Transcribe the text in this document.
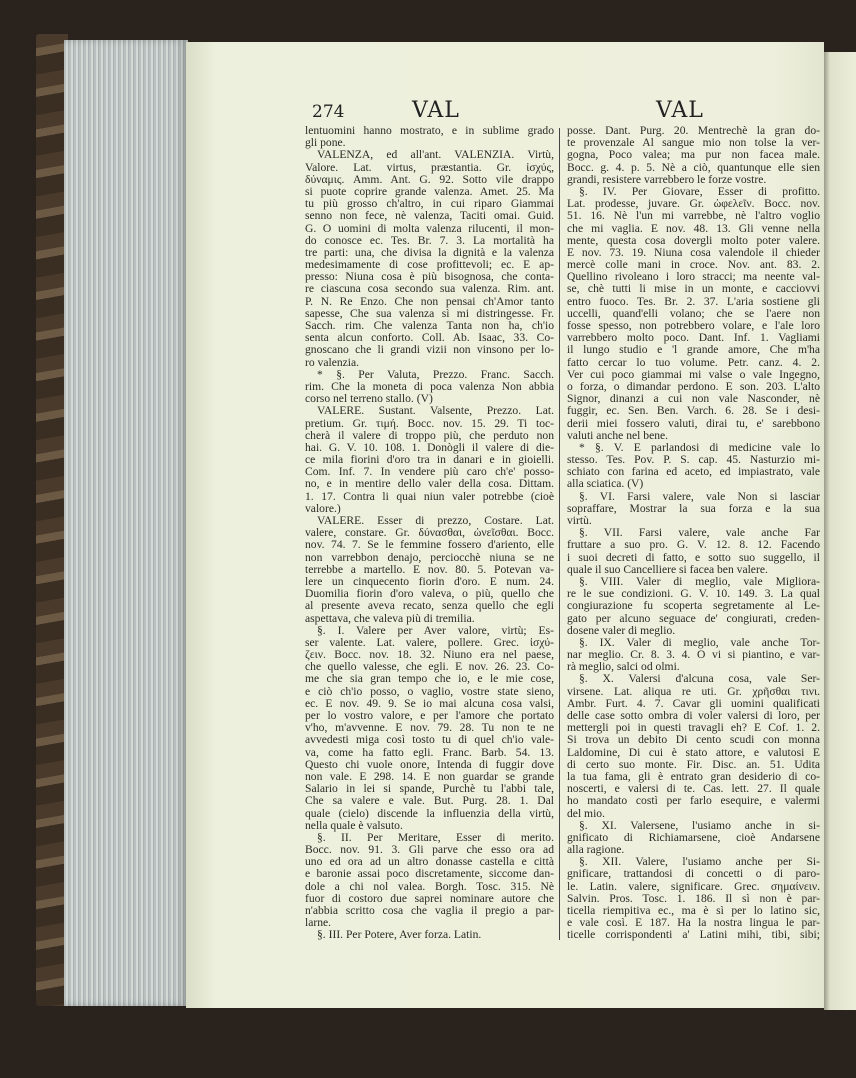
274	VAL	VAL
lentuomini hanno mostrato, e in sublime grado
gli pone.
VALENZA, ed all'ant. VALENZIA. Virtù,
Valore. Lat. virtus, præstantia. Gr. ἰσχύς,
δύναμις. Amm. Ant. G. 92. Sotto vile drappo
si puote coprire grande valenza. Amet. 25. Ma
tu più grosso ch'altro, in cui riparo Giammai
senno non fece, nè valenza, Taciti omai. Guid.
G. O uomini di molta valenza rilucenti, il mon-
do conosce ec. Tes. Br. 7. 3. La mortalità ha
tre parti: una, che divisa la dignità e la valenza
medesimamente di cose profittevoli; ec. E ap-
presso: Niuna cosa è più bisognosa, che conta-
re ciascuna cosa secondo sua valenza. Rim. ant.
P. N. Re Enzo. Che non pensai ch'Amor tanto
sapesse, Che sua valenza sì mi distringesse. Fr.
Sacch. rim. Che valenza Tanta non ha, ch'io
senta alcun conforto. Coll. Ab. Isaac, 33. Co-
gnoscano che li grandi vizii non vinsono per lo-
ro valenzia.
* §. Per Valuta, Prezzo. Franc. Sacch.
rim. Che la moneta di poca valenza Non abbia
corso nel terreno stallo. (V)
VALERE. Sustant. Valsente, Prezzo. Lat.
pretium. Gr. τιμή. Bocc. nov. 15. 29. Ti toc-
cherà il valere di troppo più, che perduto non
hai. G. V. 10. 108. 1. Donògli il valere di die-
ce mila fiorini d'oro tra in danari e in gioielli.
Com. Inf. 7. In vendere più caro ch'e' posso-
no, e in mentire dello valer della cosa. Dittam.
1. 17. Contra li quai niun valer potrebbe (cioè
valore.)
VALERE. Esser di prezzo, Costare. Lat.
valere, constare. Gr. δύνασθαι, ὠνεῖσθαι. Bocc.
nov. 74. 7. Se le femmine fossero d'ariento, elle
non varrebbon denajo, perciocchè niuna se ne
terrebbe a martello. E nov. 80. 5. Potevan va-
lere un cinquecento fiorin d'oro. E num. 24.
Duomilia fiorin d'oro valeva, o più, quello che
al presente aveva recato, senza quello che egli
aspettava, che valeva più di tremilia.
§. I. Valere per Aver valore, virtù; Es-
ser valente. Lat. valere, pollere. Grec. ἰσχύ-
ζειν. Bocc. nov. 18. 32. Niuno era nel paese,
che quello valesse, che egli. E nov. 26. 23. Co-
me che sia gran tempo che io, e le mie cose,
e ciò ch'io posso, o vaglio, vostre state sieno,
ec. E nov. 49. 9. Se io mai alcuna cosa valsi,
per lo vostro valore, e per l'amore che portato
v'ho, m'avvenne. E nov. 79. 28. Tu non te ne
avvedesti miga così tosto tu di quel ch'io vale-
va, come ha fatto egli. Franc. Barb. 54. 13.
Questo chi vuole onore, Intenda di fuggir dove
non vale. E 298. 14. E non guardar se grande
Salario in lei si spande, Purchè tu l'abbi tale,
Che sa valere e vale. But. Purg. 28. 1. Dal
quale (cielo) discende la influenzia della virtù,
nella quale è valsuto.
§. II. Per Meritare, Esser di merito.
Bocc. nov. 91. 3. Gli parve che esso ora ad
uno ed ora ad un altro donasse castella e città
e baronie assai poco discretamente, siccome dan-
dole a chi nol valea. Borgh. Tosc. 315. Nè
fuor di costoro due saprei nominare autore che
n'abbia scritto cosa che vaglia il pregio a par-
larne.
§. III. Per Potere, Aver forza. Latin.
posse. Dant. Purg. 20. Mentrechè la gran do-
te provenzale Al sangue mio non tolse la ver-
gogna, Poco valea; ma pur non facea male.
Bocc. g. 4. p. 5. Nè a ciò, quantunque elle sien
grandi, resistere varrebbero le forze vostre.
§. IV. Per Giovare, Esser di profitto.
Lat. prodesse, juvare. Gr. ὠφελεῖν. Bocc. nov.
51. 16. Nè l'un mi varrebbe, nè l'altro voglio
che mi vaglia. E nov. 48. 13. Gli venne nella
mente, questa cosa dovergli molto poter valere.
E nov. 73. 19. Niuna cosa valendole il chieder
mercè colle mani in croce. Nov. ant. 83. 2.
Quellino rivoleano i loro stracci; ma neente val-
se, chè tutti li mise in un monte, e cacciovvi
entro fuoco. Tes. Br. 2. 37. L'aria sostiene gli
uccelli, quand'elli volano; che se l'aere non
fosse spesso, non potrebbero volare, e l'ale loro
varrebbero molto poco. Dant. Inf. 1. Vagliami
il lungo studio e 'l grande amore, Che m'ha
fatto cercar lo tuo volume. Petr. canz. 4. 2.
Ver cui poco giammai mi valse o vale Ingegno,
o forza, o dimandar perdono. E son. 203. L'alto
Signor, dinanzi a cui non vale Nasconder, nè
fuggir, ec. Sen. Ben. Varch. 6. 28. Se i desi-
derii miei fossero valuti, dirai tu, e' sarebbono
valuti anche nel bene.
* §. V. E parlandosi di medicine vale lo
stesso. Tes. Pov. P. S. cap. 45. Nasturzio mi-
schiato con farina ed aceto, ed impiastrato, vale
alla sciatica. (V)
§. VI. Farsi valere, vale Non si lasciar
sopraffare, Mostrar la sua forza e la sua
virtù.
§. VII. Farsi valere, vale anche Far
fruttare a suo pro. G. V. 12. 8. 12. Facendo
i suoi decreti di fatto, e sotto suo suggello, il
quale il suo Cancelliere si facea ben valere.
§. VIII. Valer di meglio, vale Migliora-
re le sue condizioni. G. V. 10. 149. 3. La qual
congiurazione fu scoperta segretamente al Le-
gato per alcuno seguace de' congiurati, creden-
dosene valer di meglio.
§. IX. Valer di meglio, vale anche Tor-
nar meglio. Cr. 8. 3. 4. O vi si piantino, e var-
rà meglio, salci od olmi.
§. X. Valersi d'alcuna cosa, vale Ser-
virsene. Lat. aliqua re uti. Gr. χρῆσθαι τινι.
Ambr. Furt. 4. 7. Cavar gli uomini qualificati
delle case sotto ombra di voler valersi di loro, per
mettergli poi in questi travagli eh? E Cof. 1. 2.
Si trova un debito Di cento scudi con monna
Laldomine, Di cui è stato attore, e valutosi E
di certo suo monte. Fir. Disc. an. 51. Udita
la tua fama, gli è entrato gran desiderio di co-
noscerti, e valersi di te. Cas. lett. 27. Il quale
ho mandato costì per farlo esequire, e valermi
del mio.
§. XI. Valersene, l'usiamo anche in si-
gnificato di Richiamarsene, cioè Andarsene
alla ragione.
§. XII. Valere, l'usiamo anche per Si-
gnificare, trattandosi di concetti o di paro-
le. Latin. valere, significare. Grec. σημαίνειν.
Salvin. Pros. Tosc. 1. 186. Il sì non è par-
ticella riempitiva ec., ma è sì per lo latino sic,
e vale così. E 187. Ha la nostra lingua le par-
ticelle corrispondenti a' Latini mihi, tibi, sibi;
